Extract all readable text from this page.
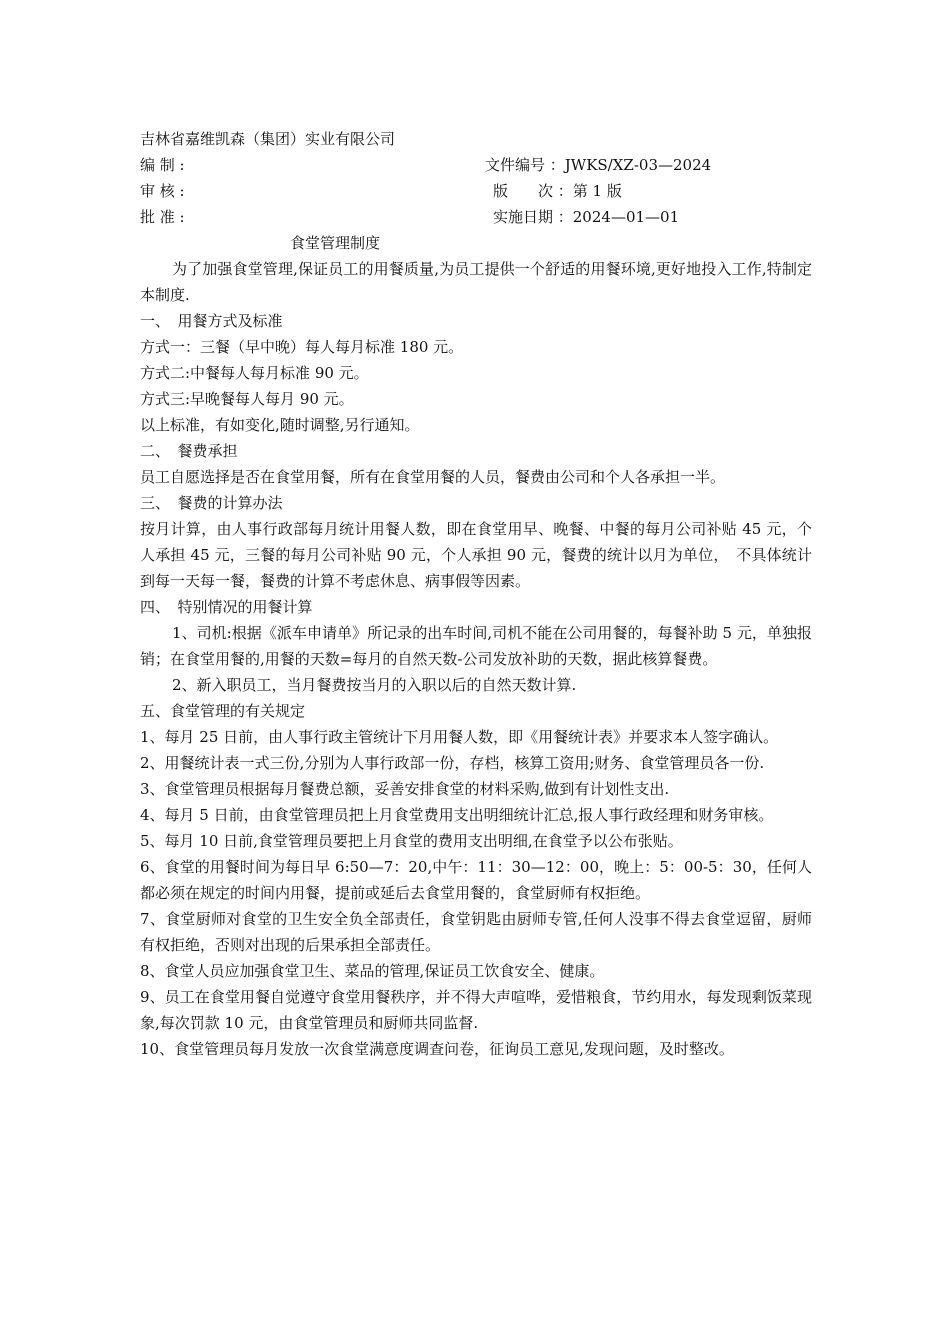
吉林省嘉维凯森（集团）实业有限公司
编 制 :	文件编号 ：JWKS/XZ-03—2024
审 核 :	版　　次 ：第 1 版
批 准 :	实施日期 ：2024—01—01
食堂管理制度
为了加强食堂管理,保证员工的用餐质量,为员工提供一个舒适的用餐环境,更好地投入工作,特制定本制度.
一、　用餐方式及标准
方式一：三餐（早中晚）每人每月标准 180 元。
方式二:中餐每人每月标准 90 元。
方式三:早晚餐每人每月 90 元。
以上标准，有如变化,随时调整,另行通知。
二、　餐费承担
员工自愿选择是否在食堂用餐，所有在食堂用餐的人员，餐费由公司和个人各承担一半。
三、　餐费的计算办法
按月计算，由人事行政部每月统计用餐人数，即在食堂用早、晚餐、中餐的每月公司补贴 45 元，个人承担 45 元，三餐的每月公司补贴 90 元，个人承担 90 元，餐费的统计以月为单位，　不具体统计到每一天每一餐，餐费的计算不考虑休息、病事假等因素。
四、　特别情况的用餐计算
1、司机:根据《派车申请单》所记录的出车时间,司机不能在公司用餐的，每餐补助 5 元，单独报销；在食堂用餐的,用餐的天数=每月的自然天数-公司发放补助的天数，据此核算餐费。
2、新入职员工，当月餐费按当月的入职以后的自然天数计算.
五、食堂管理的有关规定
1、每月 25 日前，由人事行政主管统计下月用餐人数，即《用餐统计表》并要求本人签字确认。
2、用餐统计表一式三份,分别为人事行政部一份，存档，核算工资用;财务、食堂管理员各一份.
3、食堂管理员根据每月餐费总额，妥善安排食堂的材料采购,做到有计划性支出.
4、每月 5 日前，由食堂管理员把上月食堂费用支出明细统计汇总,报人事行政经理和财务审核。
5、每月 10 日前,食堂管理员要把上月食堂的费用支出明细,在食堂予以公布张贴。
6、食堂的用餐时间为每日早 6:50—7：20,中午：11：30—12：00，晚上：5：00-5：30，任何人都必须在规定的时间内用餐，提前或延后去食堂用餐的，食堂厨师有权拒绝。
7、食堂厨师对食堂的卫生安全负全部责任，食堂钥匙由厨师专管,任何人没事不得去食堂逗留，厨师有权拒绝，否则对出现的后果承担全部责任。
8、食堂人员应加强食堂卫生、菜品的管理,保证员工饮食安全、健康。
9、员工在食堂用餐自觉遵守食堂用餐秩序，并不得大声喧哗，爱惜粮食，节约用水，每发现剩饭菜现象,每次罚款 10 元，由食堂管理员和厨师共同监督.
10、食堂管理员每月发放一次食堂满意度调查问卷，征询员工意见,发现问题，及时整改。
